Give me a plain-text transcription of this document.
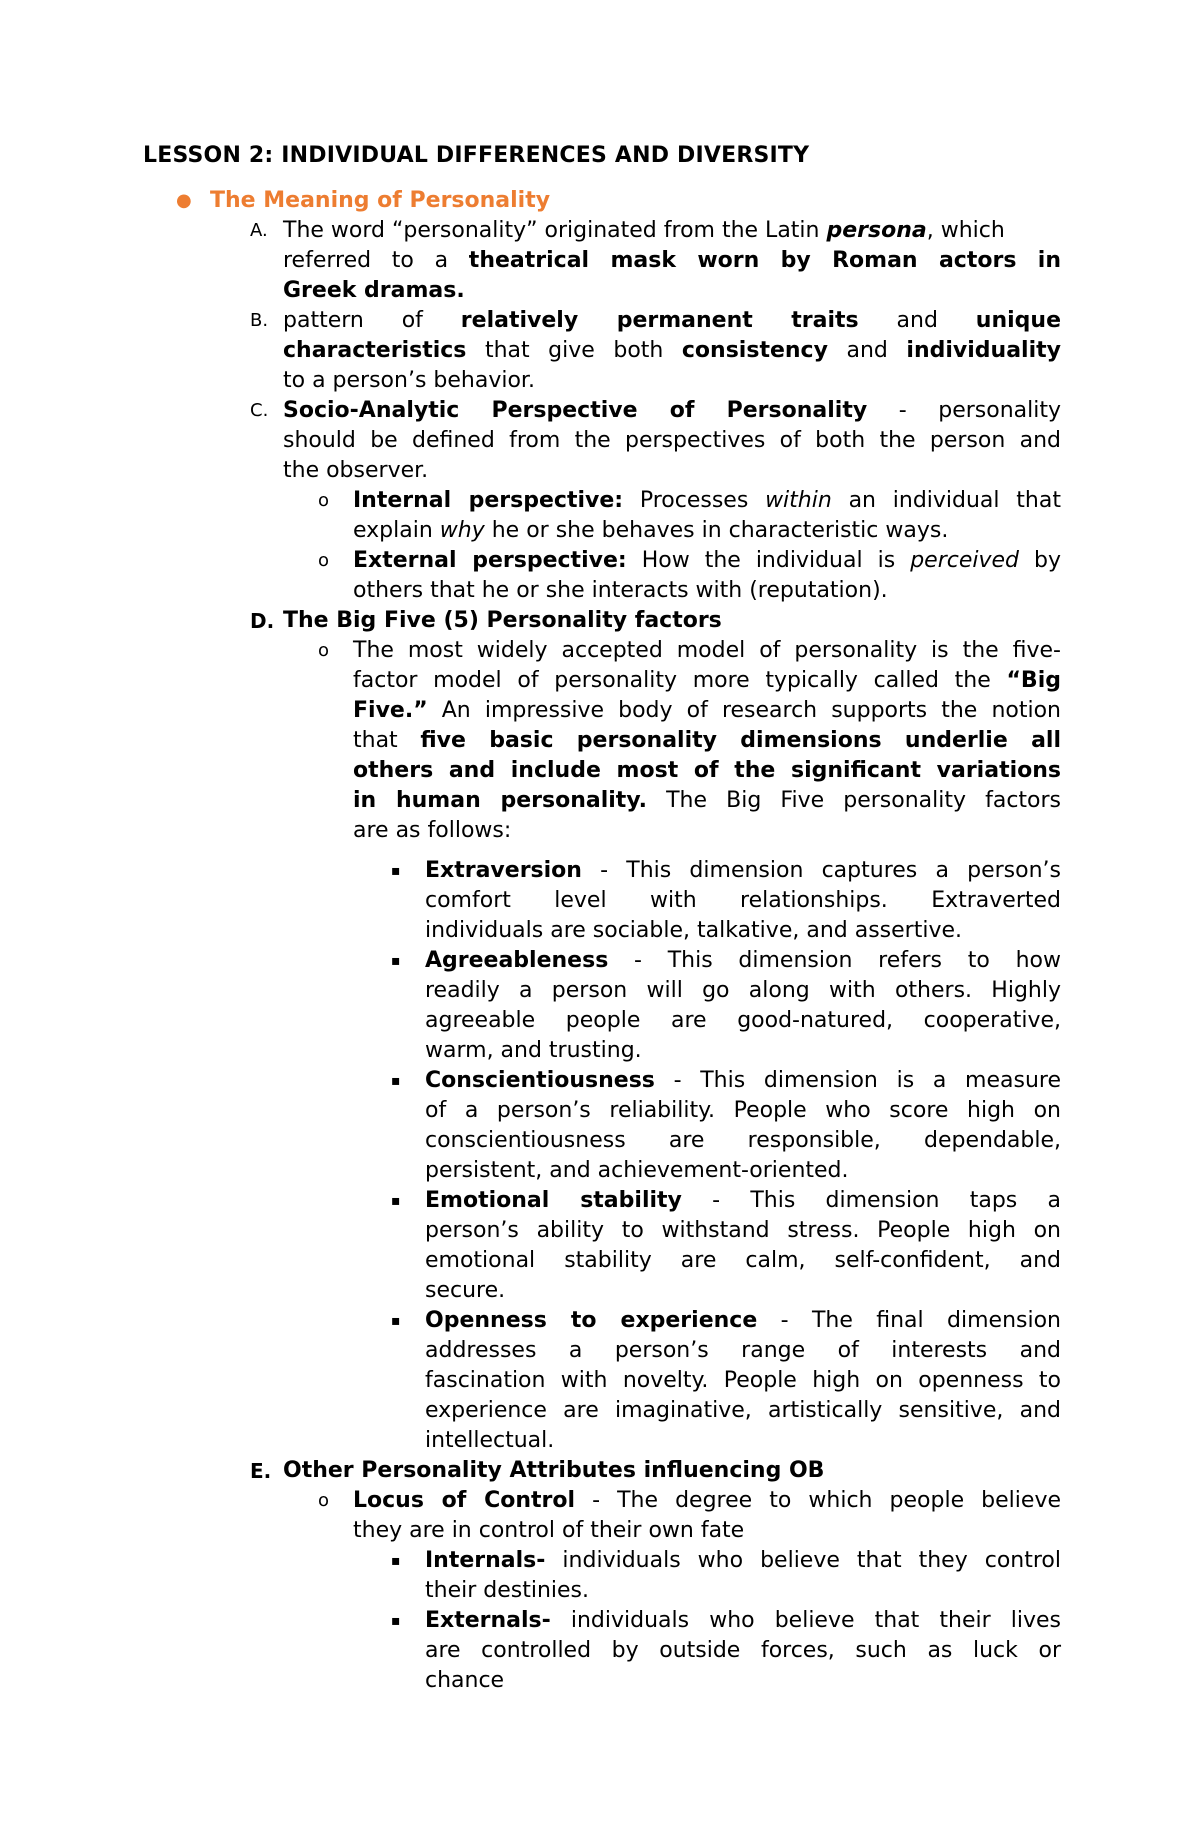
LESSON 2: INDIVIDUAL DIFFERENCES AND DIVERSITY
● The Meaning of Personality
A. The word “personality” originated from the Latin persona, which
referred to a theatrical mask worn by Roman actors in
Greek dramas.
B. pattern of relatively permanent traits and unique
characteristics that give both consistency and individuality
to a person’s behavior.
C. Socio-Analytic Perspective of Personality - personality
should be defined from the perspectives of both the person and
the observer.
o Internal perspective: Processes within an individual that
explain why he or she behaves in characteristic ways.
o External perspective: How the individual is perceived by
others that he or she interacts with (reputation).
D. The Big Five (5) Personality factors
o The most widely accepted model of personality is the five-
factor model of personality more typically called the “Big
Five.” An impressive body of research supports the notion
that five basic personality dimensions underlie all
others and include most of the significant variations
in human personality. The Big Five personality factors
are as follows:
▪ Extraversion - This dimension captures a person’s
comfort level with relationships. Extraverted
individuals are sociable, talkative, and assertive.
▪ Agreeableness - This dimension refers to how
readily a person will go along with others. Highly
agreeable people are good-natured, cooperative,
warm, and trusting.
▪ Conscientiousness - This dimension is a measure
of a person’s reliability. People who score high on
conscientiousness are responsible, dependable,
persistent, and achievement-oriented.
▪ Emotional stability - This dimension taps a
person’s ability to withstand stress. People high on
emotional stability are calm, self-confident, and
secure.
▪ Openness to experience - The final dimension
addresses a person’s range of interests and
fascination with novelty. People high on openness to
experience are imaginative, artistically sensitive, and
intellectual.
E. Other Personality Attributes influencing OB
o Locus of Control - The degree to which people believe
they are in control of their own fate
▪ Internals- individuals who believe that they control
their destinies.
▪ Externals- individuals who believe that their lives
are controlled by outside forces, such as luck or
chance
